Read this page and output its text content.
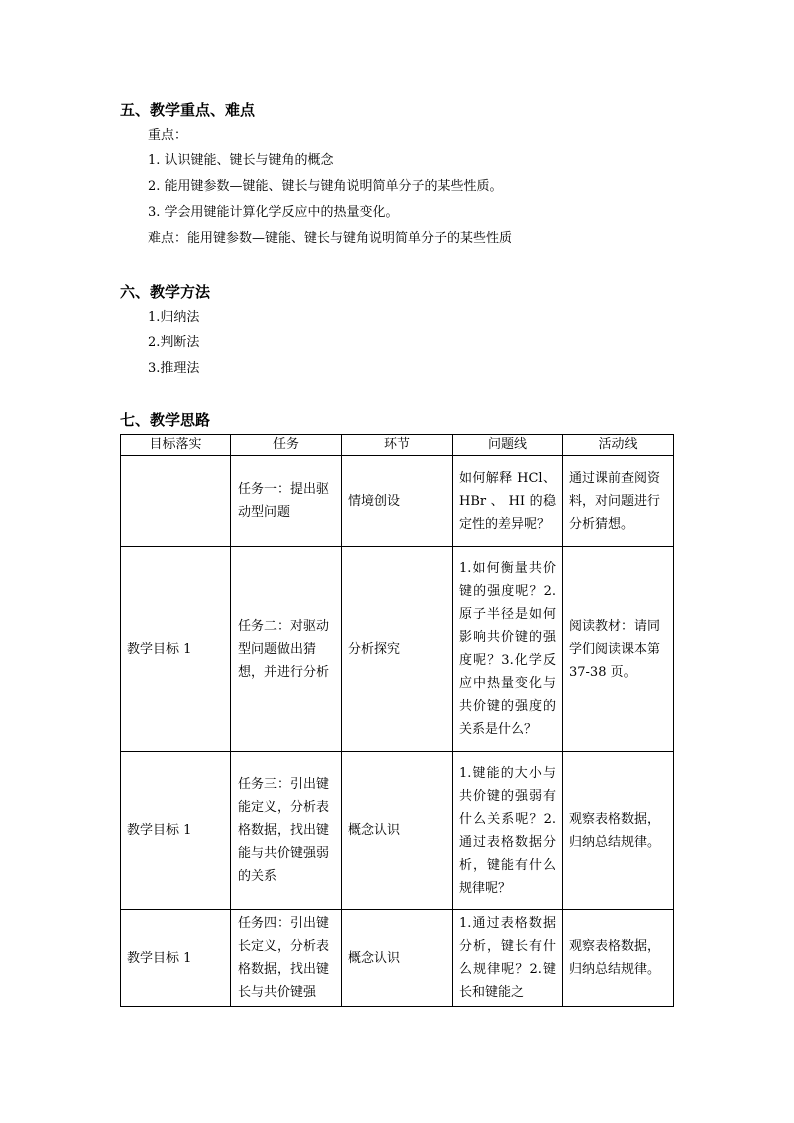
五、教学重点、难点

重点：

1. 认识键能、键长与键角的概念

2. 能用键参数—键能、键长与键角说明简单分子的某些性质。

3. 学会用键能计算化学反应中的热量变化。

难点：能用键参数—键能、键长与键角说明简单分子的某些性质

六、教学方法

1.归纳法

2.判断法

3.推理法

七、教学思路
目标落实	任务	环节	问题线	活动线
	任务一：提出驱动型问题	情境创设	如何解释 HCl、HBr 、 HI 的稳定性的差异呢？	通过课前查阅资料，对问题进行分析猜想。
教学目标 1	任务二：对驱动型问题做出猜想，并进行分析	分析探究	1.如何衡量共价键的强度呢？2.原子半径是如何影响共价键的强度呢？3.化学反应中热量变化与共价键的强度的关系是什么？	阅读教材：请同学们阅读课本第 37-38 页。
教学目标 1	任务三：引出键能定义，分析表格数据，找出键能与共价键强弱的关系	概念认识	1.键能的大小与共价键的强弱有什么关系呢？2.通过表格数据分析，键能有什么规律呢？	观察表格数据，归纳总结规律。
教学目标 1	任务四：引出键长定义，分析表格数据，找出键长与共价键强	概念认识	1.通过表格数据分析，键长有什么规律呢？2.键长和键能之	观察表格数据，归纳总结规律。
